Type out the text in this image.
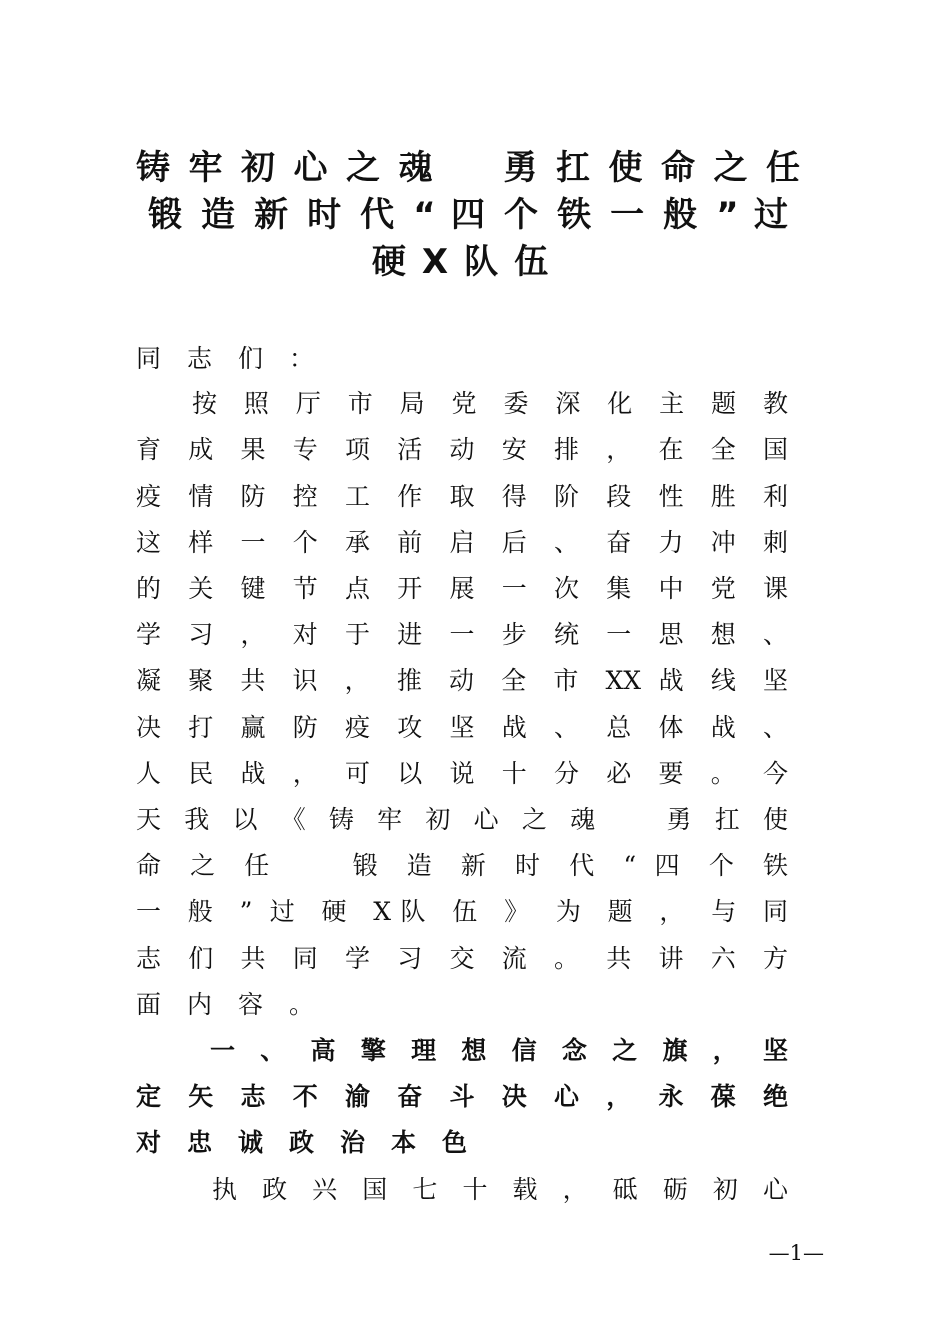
铸 牢 初 心 之 魂 　 勇 扛 使 命 之 任
锻 造 新 时 代 “ 四 个 铁 一 般 ” 过
硬X队伍
同志们：
按 照 厅 市 局 党 委 深 化 主 题 教
育 成 果 专 项 活 动 安 排 ， 在 全 国
疫 情 防 控 工 作 取 得 阶 段 性 胜 利
这 样 一 个 承 前 启 后 、 奋 力 冲 刺
的 关 键 节 点 开 展 一 次 集 中 党 课
学 习 ， 对 于 进 一 步 统 一 思 想 、
凝 聚 共 识 ， 推 动 全 市 XX 战 线 坚
决 打 赢 防 疫 攻 坚 战 、 总 体 战 、
人 民 战 ， 可 以 说 十 分 必 要 。 今
天 我 以 《 铸 牢 初 心 之 魂 　 勇 扛 使
命 之 任 　 锻 造 新 时 代 “ 四 个 铁
一 般 ” 过 硬 X队 伍 》 为 题 ， 与 同
志 们 共 同 学 习 交 流 。 共 讲 六 方
面内容。
一 、 高 擎 理 想 信 念 之 旗 ， 坚
定 矢 志 不 渝 奋 斗 决 心 ， 永 葆 绝
对忠诚政治本色
执 政 兴 国 七 十 载 ， 砥 砺 初 心
—1—
